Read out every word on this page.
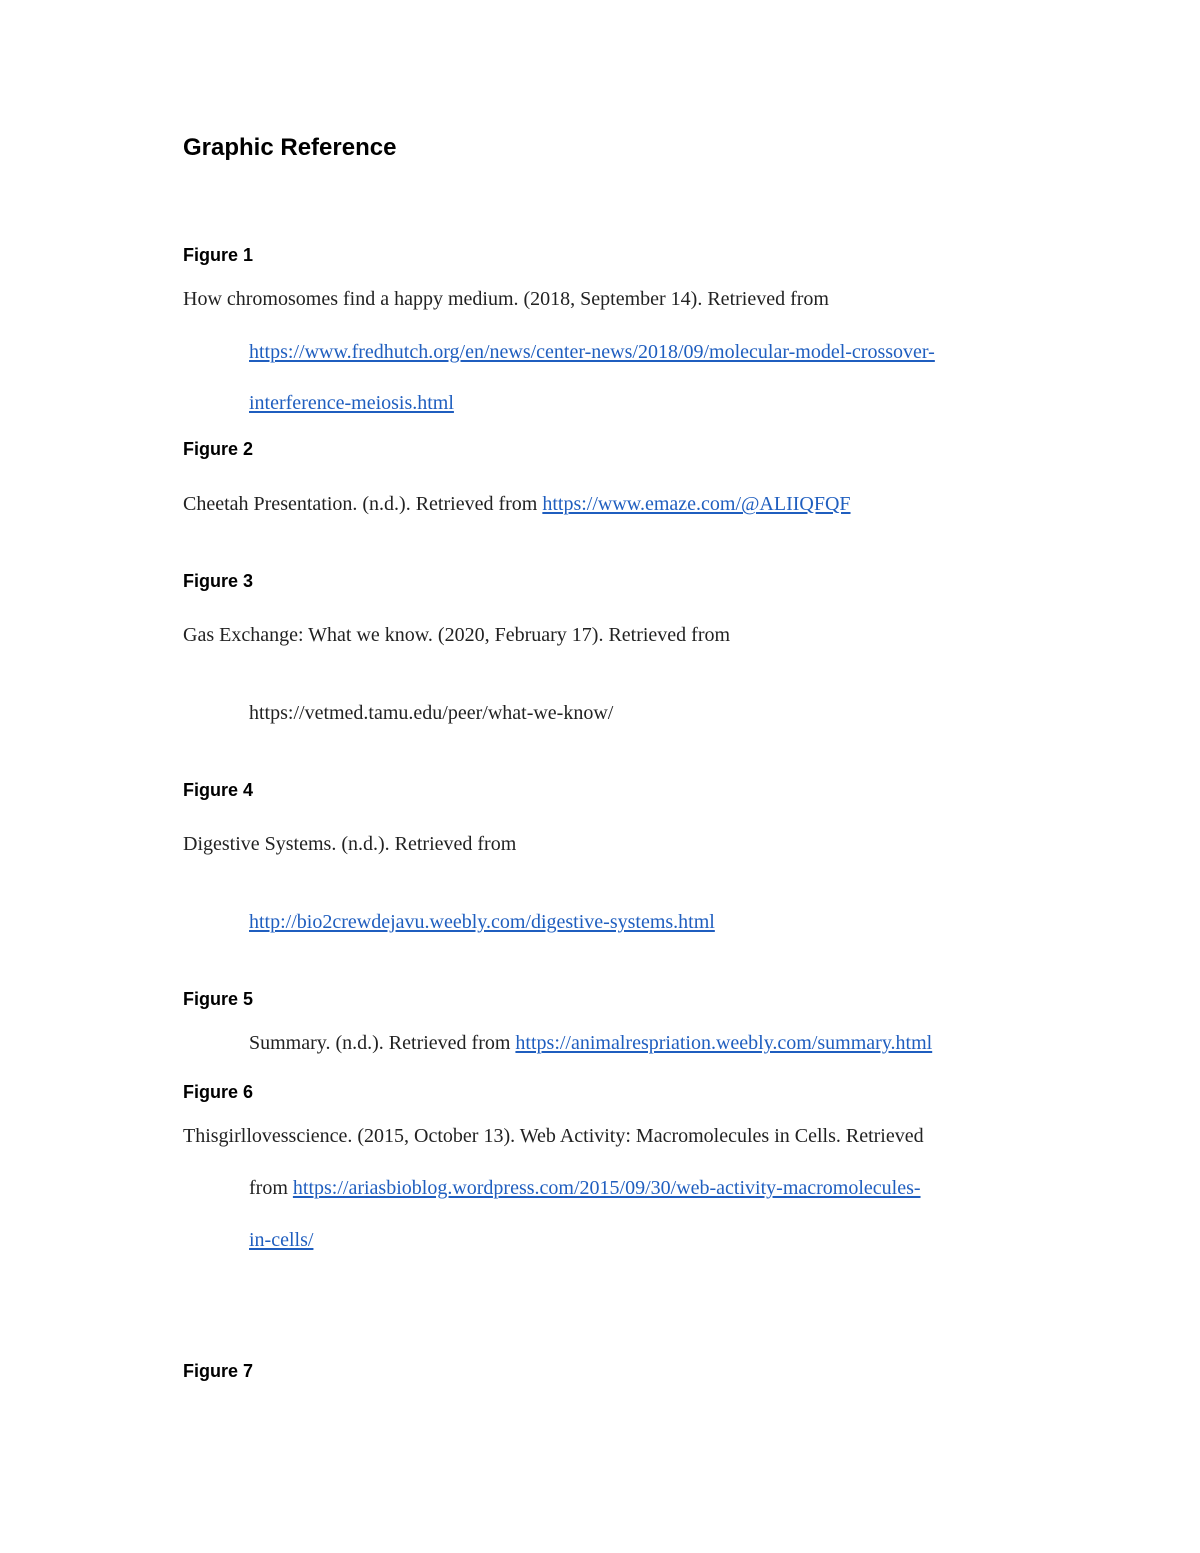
Graphic Reference
Figure 1
How chromosomes find a happy medium. (2018, September 14). Retrieved from
https://www.fredhutch.org/en/news/center-news/2018/09/molecular-model-crossover-
interference-meiosis.html
Figure 2
Cheetah Presentation. (n.d.). Retrieved from https://www.emaze.com/@ALIIQFQF
Figure 3
Gas Exchange: What we know. (2020, February 17). Retrieved from
https://vetmed.tamu.edu/peer/what-we-know/
Figure 4
Digestive Systems. (n.d.). Retrieved from
http://bio2crewdejavu.weebly.com/digestive-systems.html
Figure 5
Summary. (n.d.). Retrieved from https://animalrespriation.weebly.com/summary.html
Figure 6
Thisgirllovesscience. (2015, October 13). Web Activity: Macromolecules in Cells. Retrieved
from https://ariasbioblog.wordpress.com/2015/09/30/web-activity-macromolecules-
in-cells/
Figure 7
